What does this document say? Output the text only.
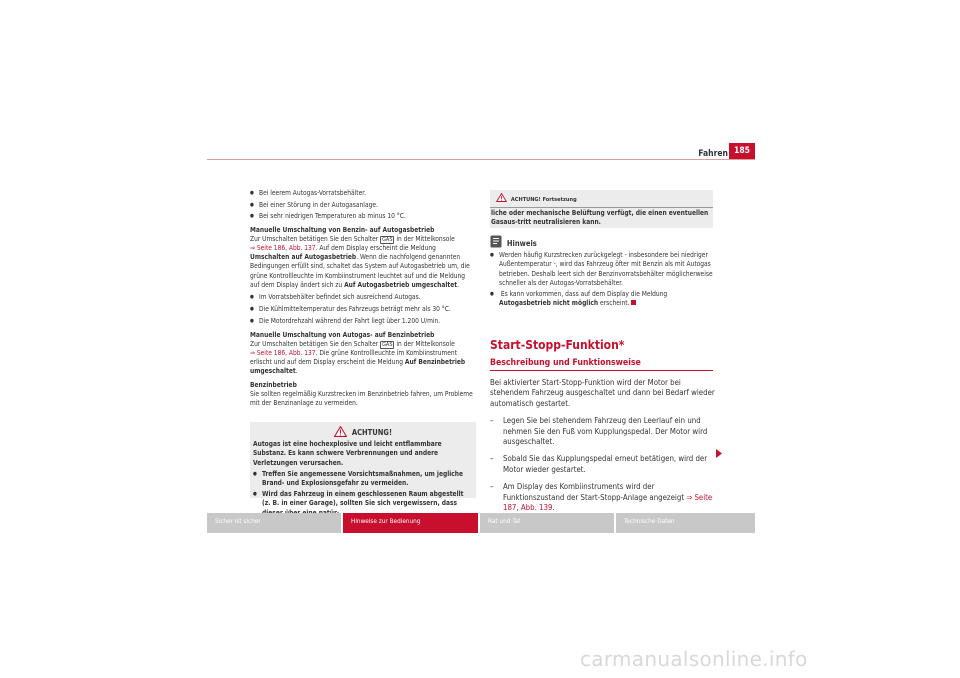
Fahren 185

● Bei leerem Autogas-Vorratsbehälter.

● Bei einer Störung in der Autogasanlage.

● Bei sehr niedrigen Temperaturen ab minus 10 °C.

Manuelle Umschaltung von Benzin- auf Autogasbetrieb

Zur Umschalten betätigen Sie den Schalter GAS in der Mittelkonsole
⇒ Seite 186, Abb. 137. Auf dem Display erscheint die Meldung Umschalten auf Autogasbetrieb. Wenn die nachfolgend genannten Bedingungen erfüllt sind, schaltet das System auf Autogasbetrieb um, die grüne Kontrollleuchte im Kombiinstrument leuchtet auf und die Meldung auf dem Display ändert sich zu Auf Autogasbetrieb umgeschaltet.

● Im Vorratsbehälter befindet sich ausreichend Autogas.

● Die Kühlmitteltemperatur des Fahrzeugs beträgt mehr als 30 °C.

● Die Motordrehzahl während der Fahrt liegt über 1.200 U/min.

Manuelle Umschaltung von Autogas- auf Benzinbetrieb

Zur Umschalten betätigen Sie den Schalter GAS in der Mittelkonsole
⇒ Seite 186, Abb. 137. Die grüne Kontrollleuchte im Kombiinstrument erlischt und auf dem Display erscheint die Meldung Auf Benzinbetrieb umgeschaltet.

Benzinbetrieb

Sie sollten regelmäßig Kurzstrecken im Benzinbetrieb fahren, um Probleme mit der Benzinanlage zu vermeiden.

ACHTUNG!

Autogas ist eine hochexplosive und leicht entflammbare Substanz. Es kann schwere Verbrennungen und andere Verletzungen verursachen.

● Treffen Sie angemessene Vorsichtsmaßnahmen, um jegliche Brand- und Explosionsgefahr zu vermeiden.

● Wird das Fahrzeug in einem geschlossenen Raum abgestellt (z. B. in einer Garage), sollten Sie sich vergewissern, dass

ACHTUNG! Fortsetzung

liche oder mechanische Belüftung verfügt, die einen eventuellen Gasaus-tritt neutralisieren kann.

Hinweis

● Werden häufig Kurzstrecken zurückgelegt - insbesondere bei niedriger Außentemperatur -, wird das Fahrzeug öfter mit Benzin als mit Autogas betrieben. Deshalb leert sich der Benzinvorratsbehälter möglicherweise schneller als der Autogas-Vorratsbehälter.

● Es kann vorkommen, dass auf dem Display die Meldung Autogasbetrieb nicht möglich erscheint.

Start-Stopp-Funktion*
Beschreibung und Funktionsweise

Bei aktivierter Start-Stopp-Funktion wird der Motor bei stehendem Fahrzeug ausgeschaltet und dann bei Bedarf wieder automatisch gestartet.

– Legen Sie bei stehendem Fahrzeug den Leerlauf ein und nehmen Sie den Fuß vom Kupplungspedal. Der Motor wird ausgeschaltet.

– Sobald Sie das Kupplungspedal erneut betätigen, wird der Motor wieder gestartet.

– Am Display des Kombiinstruments wird der Funktionszustand der Start-Stopp-Anlage angezeigt ⇒ Seite 187, Abb. 139.

Sicher ist sicher	Hinweise zur Bedienung	Rat und Tat	Technische Daten
carmanualsonline.info
